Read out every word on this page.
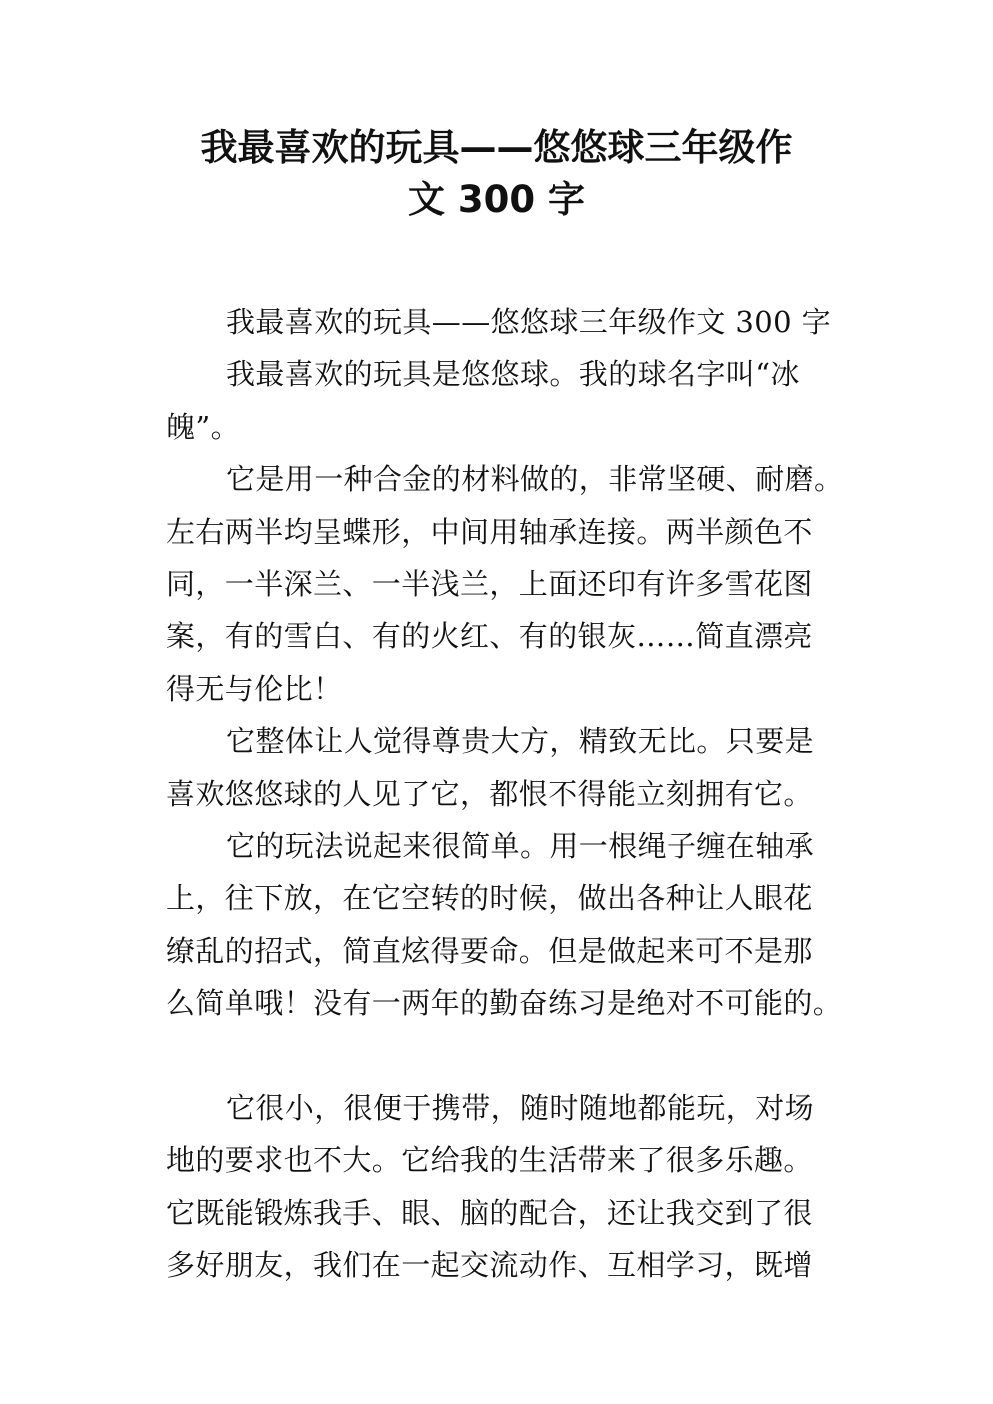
我最喜欢的玩具——悠悠球三年级作
文 300 字
我最喜欢的玩具——悠悠球三年级作文 300 字
我最喜欢的玩具是悠悠球。我的球名字叫“冰
魄”。
它是用一种合金的材料做的，非常坚硬、耐磨。
左右两半均呈蝶形，中间用轴承连接。两半颜色不
同，一半深兰、一半浅兰，上面还印有许多雪花图
案，有的雪白、有的火红、有的银灰……简直漂亮
得无与伦比！
它整体让人觉得尊贵大方，精致无比。只要是
喜欢悠悠球的人见了它，都恨不得能立刻拥有它。
它的玩法说起来很简单。用一根绳子缠在轴承
上，往下放，在它空转的时候，做出各种让人眼花
缭乱的招式，简直炫得要命。但是做起来可不是那
么简单哦！没有一两年的勤奋练习是绝对不可能的。
它很小，很便于携带，随时随地都能玩，对场
地的要求也不大。它给我的生活带来了很多乐趣。
它既能锻炼我手、眼、脑的配合，还让我交到了很
多好朋友，我们在一起交流动作、互相学习，既增
